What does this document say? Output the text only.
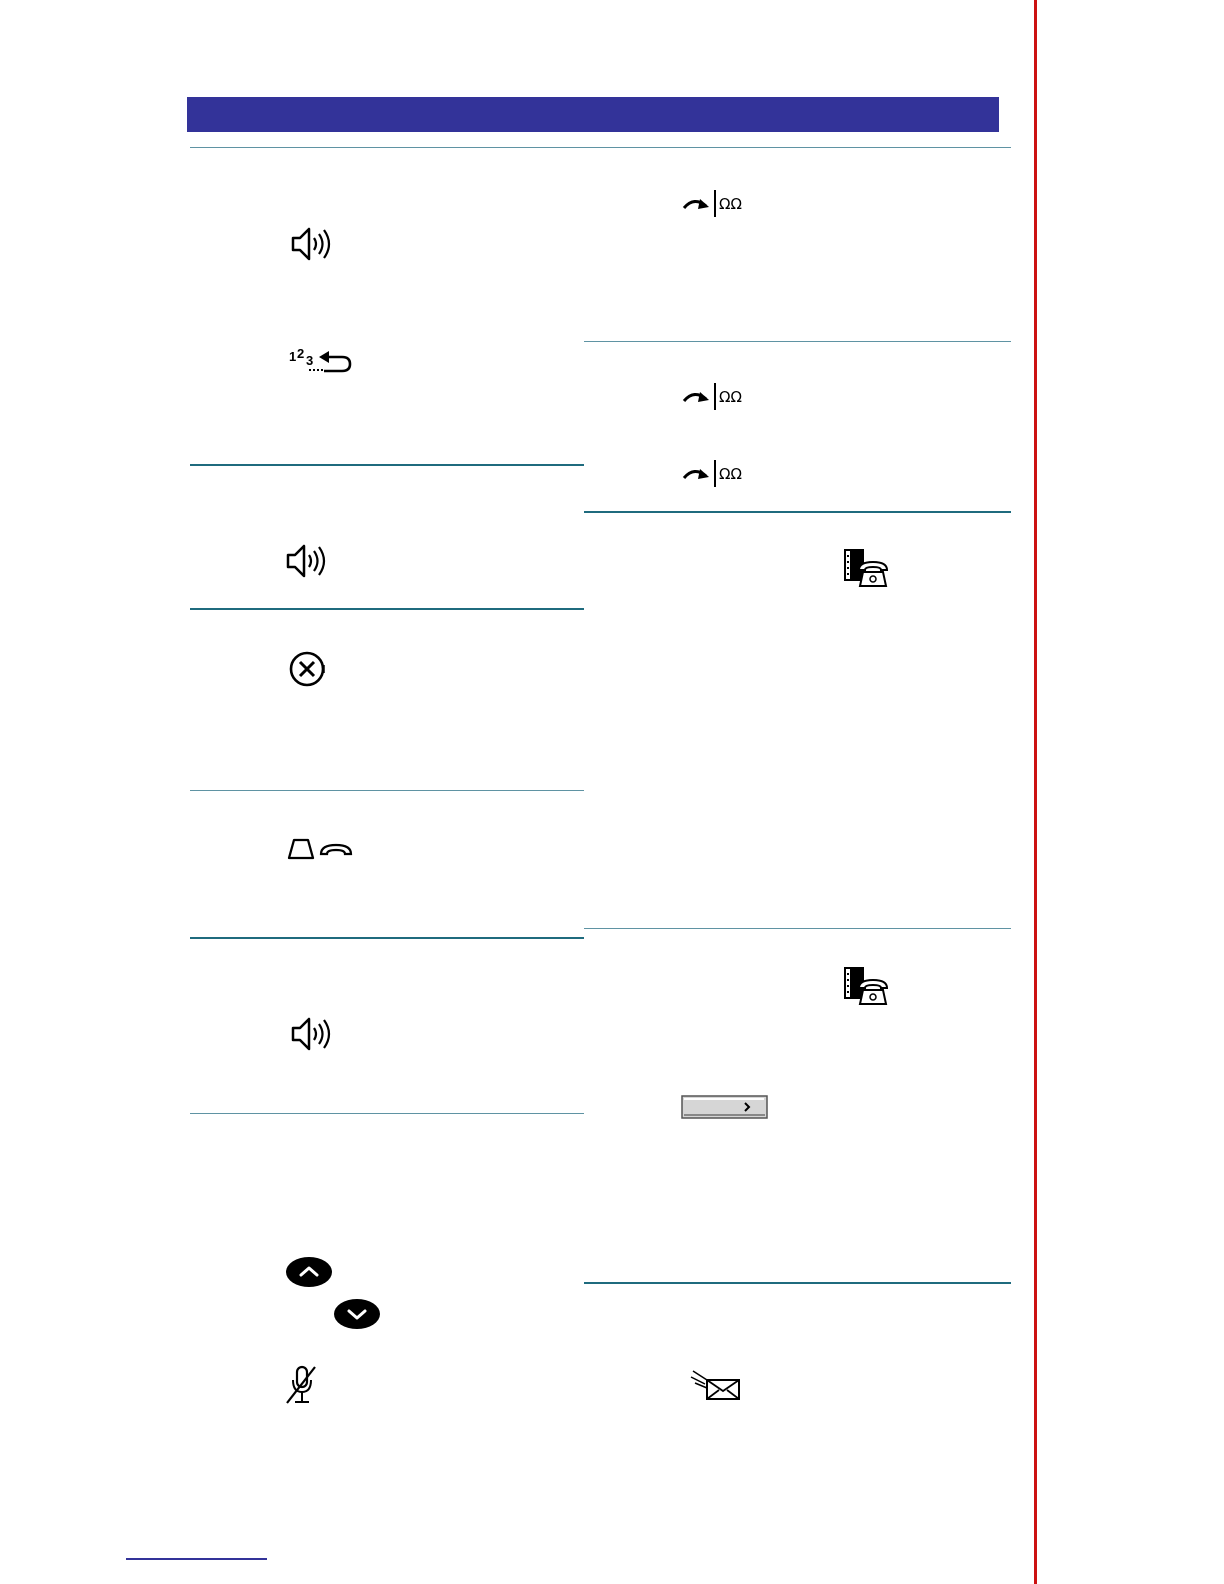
1 2 3
ΩΩ
ΩΩ
ΩΩ
